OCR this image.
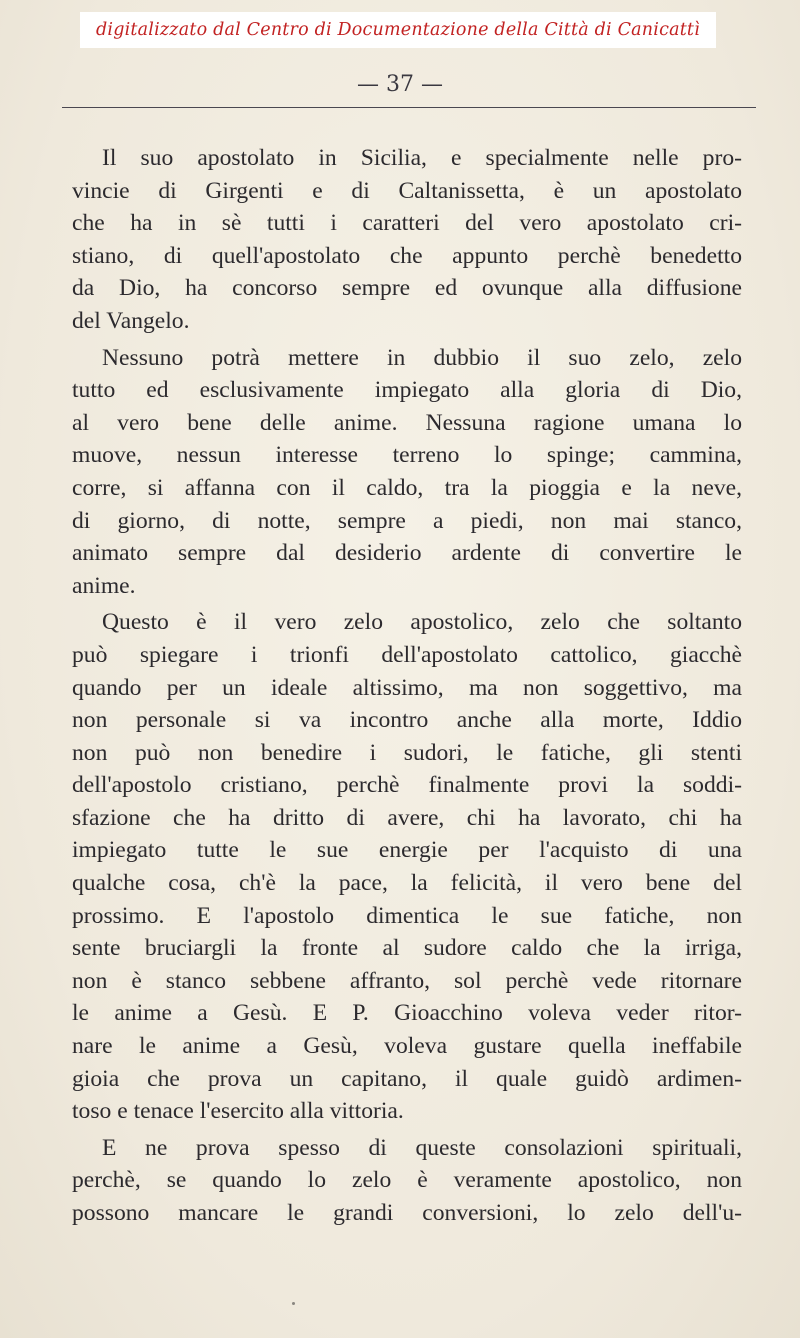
digitalizzato dal Centro di Documentazione della Città di Canicattì
— 37 —
Il suo apostolato in Sicilia, e specialmente nelle pro-
vincie di Girgenti e di Caltanissetta, è un apostolato
che ha in sè tutti i caratteri del vero apostolato cri-
stiano, di quell'apostolato che appunto perchè benedetto
da Dio, ha concorso sempre ed ovunque alla diffusione
del Vangelo.
Nessuno potrà mettere in dubbio il suo zelo, zelo
tutto ed esclusivamente impiegato alla gloria di Dio,
al vero bene delle anime. Nessuna ragione umana lo
muove, nessun interesse terreno lo spinge; cammina,
corre, si affanna con il caldo, tra la pioggia e la neve,
di giorno, di notte, sempre a piedi, non mai stanco,
animato sempre dal desiderio ardente di convertire le
anime.
Questo è il vero zelo apostolico, zelo che soltanto
può spiegare i trionfi dell'apostolato cattolico, giacchè
quando per un ideale altissimo, ma non soggettivo, ma
non personale si va incontro anche alla morte, Iddio
non può non benedire i sudori, le fatiche, gli stenti
dell'apostolo cristiano, perchè finalmente provi la soddi-
sfazione che ha dritto di avere, chi ha lavorato, chi ha
impiegato tutte le sue energie per l'acquisto di una
qualche cosa, ch'è la pace, la felicità, il vero bene del
prossimo. E l'apostolo dimentica le sue fatiche, non
sente bruciargli la fronte al sudore caldo che la irriga,
non è stanco sebbene affranto, sol perchè vede ritornare
le anime a Gesù. E P. Gioacchino voleva veder ritor-
nare le anime a Gesù, voleva gustare quella ineffabile
gioia che prova un capitano, il quale guidò ardimen-
toso e tenace l'esercito alla vittoria.
E ne prova spesso di queste consolazioni spirituali,
perchè, se quando lo zelo è veramente apostolico, non
possono mancare le grandi conversioni, lo zelo dell'u-
